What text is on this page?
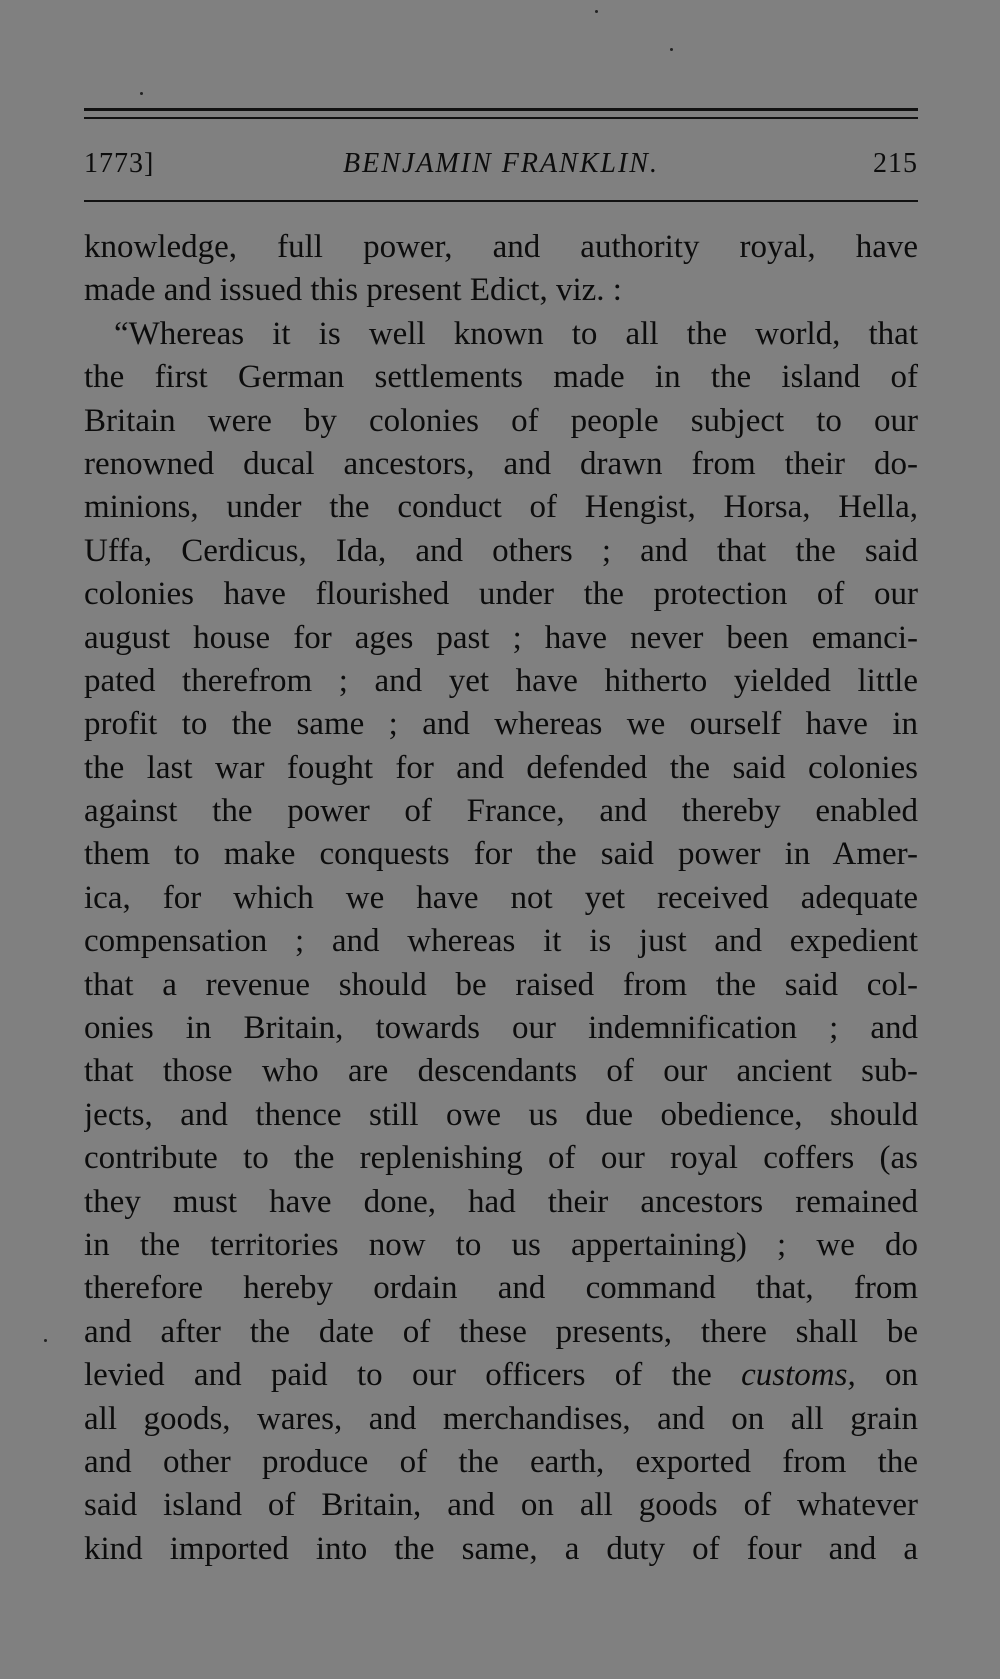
1773]	BENJAMIN FRANKLIN.	215
knowledge, full power, and authority royal, have
made and issued this present Edict, viz. :
“Whereas it is well known to all the world, that
the first German settlements made in the island of
Britain were by colonies of people subject to our
renowned ducal ancestors, and drawn from their do-
minions, under the conduct of Hengist, Horsa, Hella,
Uffa, Cerdicus, Ida, and others ; and that the said
colonies have flourished under the protection of our
august house for ages past ; have never been emanci-
pated therefrom ; and yet have hitherto yielded little
profit to the same ; and whereas we ourself have in
the last war fought for and defended the said colonies
against the power of France, and thereby enabled
them to make conquests for the said power in Amer-
ica, for which we have not yet received adequate
compensation ; and whereas it is just and expedient
that a revenue should be raised from the said col-
onies in Britain, towards our indemnification ; and
that those who are descendants of our ancient sub-
jects, and thence still owe us due obedience, should
contribute to the replenishing of our royal coffers (as
they must have done, had their ancestors remained
in the territories now to us appertaining) ; we do
therefore hereby ordain and command that, from
and after the date of these presents, there shall be
levied and paid to our officers of the customs, on
all goods, wares, and merchandises, and on all grain
and other produce of the earth, exported from the
said island of Britain, and on all goods of whatever
kind imported into the same, a duty of four and a
